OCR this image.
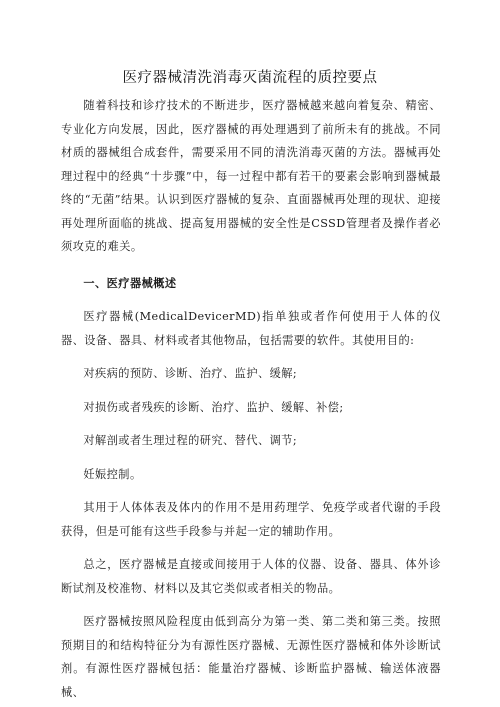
医疗器械清洗消毒灭菌流程的质控要点

随着科技和诊疗技术的不断进步，医疗器械越来越向着复杂、精密、专业化方向发展，因此，医疗器械的再处理遇到了前所未有的挑战。不同材质的器械组合成套件，需要采用不同的清洗消毒灭菌的方法。器械再处理过程中的经典“十步骤”中，每一过程中都有若干的要素会影响到器械最终的“无菌”结果。认识到医疗器械的复杂、直面器械再处理的现状、迎接再处理所面临的挑战、提高复用器械的安全性是CSSD管理者及操作者必须攻克的难关。

一、医疗器械概述

医疗器械(MedicalDevicerMD)指单独或者作何使用于人体的仪器、设备、器具、材料或者其他物品，包括需要的软件。其使用目的:

对疾病的预防、诊断、治疗、监护、缓解;

对损伤或者残疾的诊断、治疗、监护、缓解、补偿;

对解剖或者生理过程的研究、替代、调节;

妊娠控制。

其用于人体体表及体内的作用不是用药理学、免疫学或者代谢的手段获得，但是可能有这些手段参与并起一定的辅助作用。

总之，医疗器械是直接或间接用于人体的仪器、设备、器具、体外诊断试剂及校准物、材料以及其它类似或者相关的物品。

医疗器械按照风险程度由低到高分为第一类、第二类和第三类。按照预期目的和结构特征分为有源性医疗器械、无源性医疗器械和体外诊断试剂。有源性医疗器械包括：能量治疗器械、诊断监护器械、输送体液器械、
